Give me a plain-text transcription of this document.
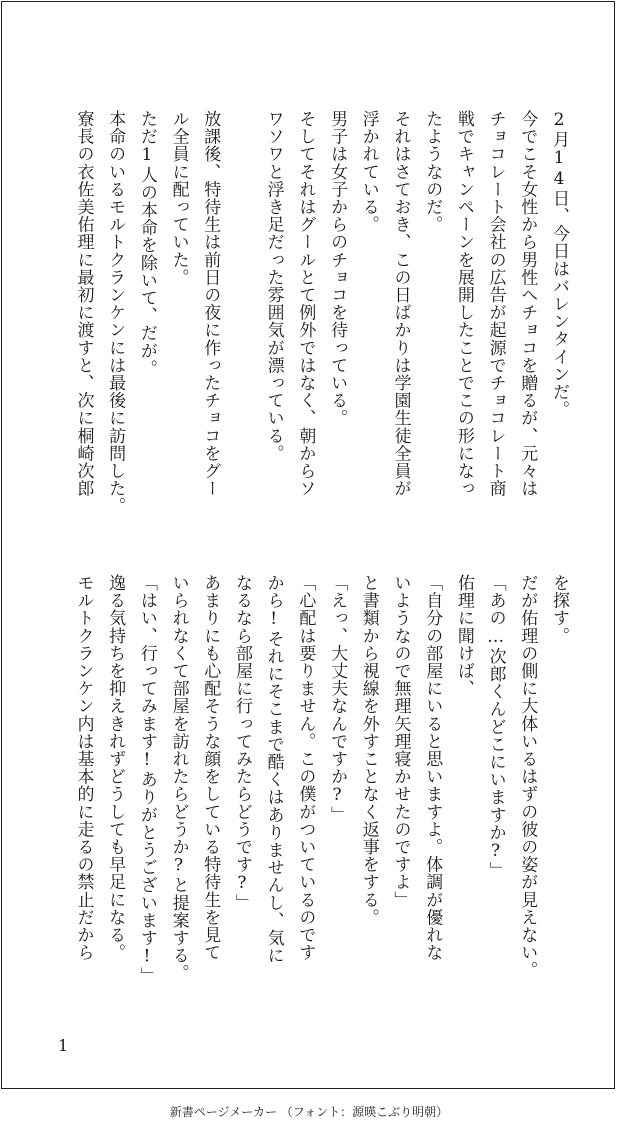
2月14日、今日はバレンタインだ。
今でこそ女性から男性へチョコを贈るが、元々は
チョコレート会社の広告が起源でチョコレート商
戦でキャンペーンを展開したことでこの形になっ
たようなのだ。
それはさておき、この日ばかりは学園生徒全員が
浮かれている。
男子は女子からのチョコを待っている。
そしてそれはグールとて例外ではなく、朝からソ
ワソワと浮き足だった雰囲気が漂っている。

放課後、特待生は前日の夜に作ったチョコをグー
ル全員に配っていた。
ただ1人の本命を除いて、だが。
本命のいるモルトクランケンには最後に訪問した。
寮長の衣佐美佑理に最初に渡すと、次に桐崎次郎
を探す。
だが佑理の側に大体いるはずの彼の姿が見えない。
「あの…次郎くんどこにいますか?」
佑理に聞けば、
「自分の部屋にいると思いますよ。体調が優れな
いようなので無理矢理寝かせたのですよ」
と書類から視線を外すことなく返事をする。
「えっ、大丈夫なんですか?」
「心配は要りません。この僕がついているのです
から!それにそこまで酷くはありませんし、気に
なるなら部屋に行ってみたらどうです?」
あまりにも心配そうな顔をしている特待生を見て
いられなくて部屋を訪れたらどうか?と提案する。
「はい、行ってみます!ありがとうございます!」
逸る気持ちを抑えきれずどうしても早足になる。
モルトクランケン内は基本的に走るの禁止だから
1
新書ページメーカー （フォント：源暎こぶり明朝）
